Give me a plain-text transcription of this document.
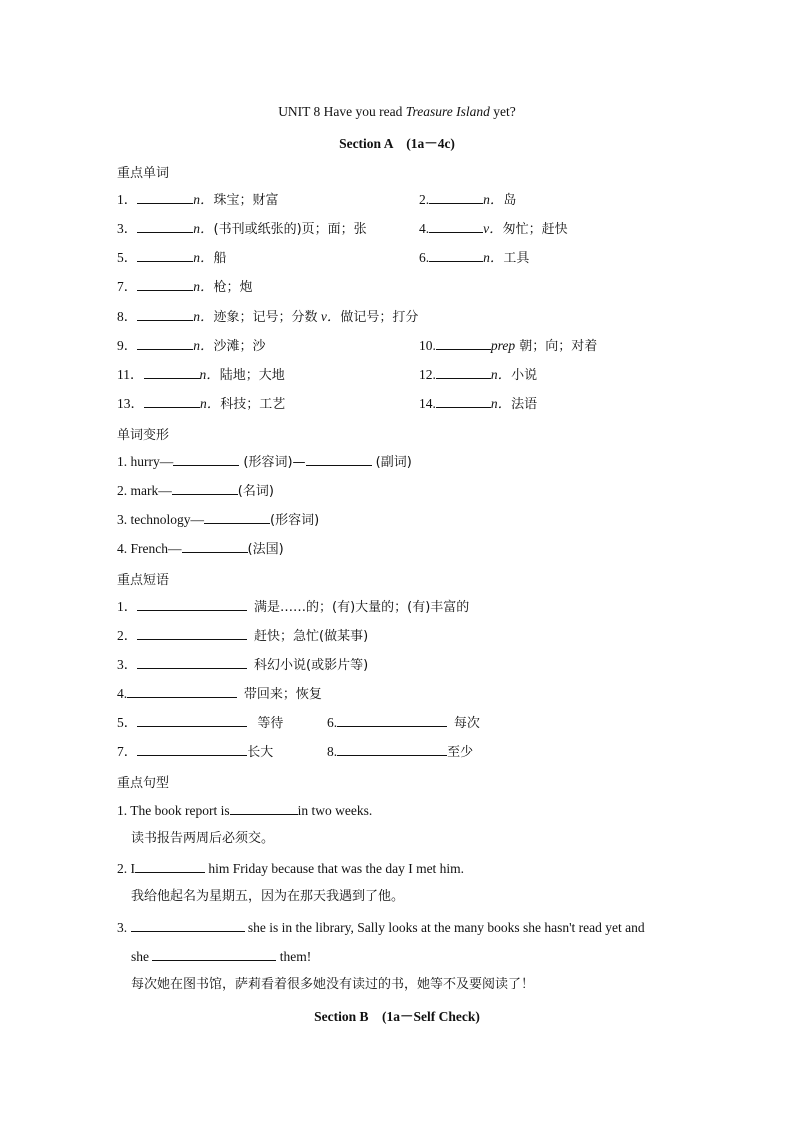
UNIT 8 Have you read Treasure Island yet?
Section A　(1a－4c)
重点单词
1．	n．珠宝；财富	2.	n．岛
3．	n．(书刊或纸张的)页；面；张	4.	v．匆忙；赶快
5．	n．船	6.	n．工具
7．	n．枪；炮
8．	n．迹象；记号；分数 v．做记号；打分
9．	n．沙滩；沙	10.	prep 朝；向；对着
11．	n．陆地；大地	12.	n．小说
13．	n．科技；工艺	14.	n．法语
单词变形
1. hurry—	(形容词)—	(副词)
2. mark—	(名词)
3. technology—	(形容词)
4. French—	(法国)
重点短语
1．	满是……的；(有)大量的；(有)丰富的
2．	赶快；急忙(做某事)
3．	科幻小说(或影片等)
4.	带回来；恢复
5．	等待	6.	每次
7．	长大	8.	至少
重点句型
1. The book report is	in two weeks.
读书报告两周后必须交。
2. I	him Friday because that was the day I met him.
我给他起名为星期五，因为在那天我遇到了他。
3.	she is in the library, Sally looks at the many books she hasn't read yet and
she	them!
每次她在图书馆，萨莉看着很多她没有读过的书，她等不及要阅读了！
Section B　(1a－Self Check)
